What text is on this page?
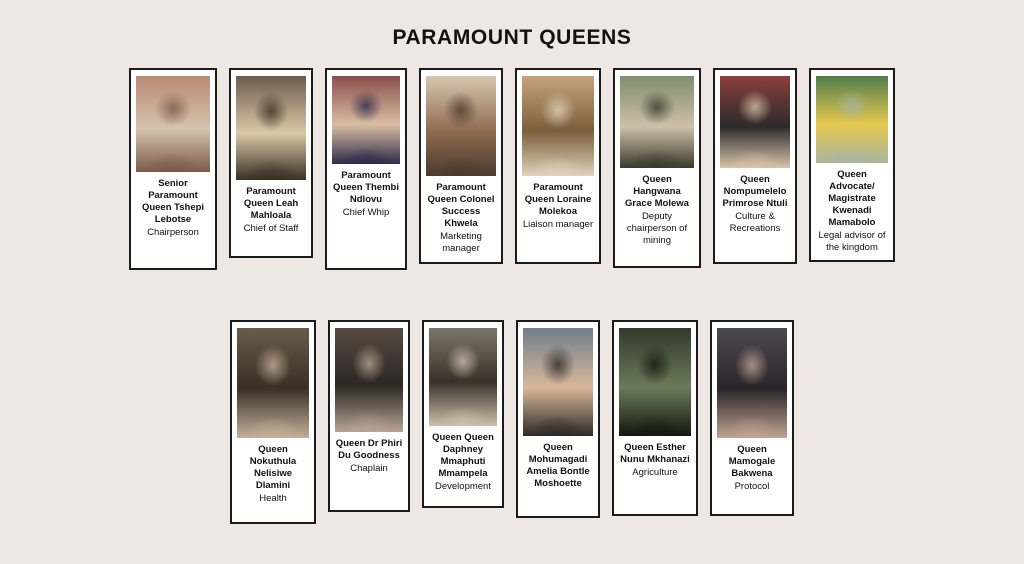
PARAMOUNT QUEENS
Senior Paramount Queen Tshepi Lebotse
Chairperson
Paramount Queen Leah Mahloala
Chief of Staff
Paramount Queen Thembi Ndlovu
Chief Whip
Paramount Queen Colonel Success Khwela
Marketing manager
Paramount Queen Loraine Molekoa
Liaison manager
Queen Hangwana Grace Molewa
Deputy chairperson of mining
Queen Nompumelelo Primrose Ntuli
Culture & Recreations
Queen Advocate/ Magistrate Kwenadi Mamabolo
Legal advisor of the kingdom
Queen Nokuthula Nelisiwe Dlamini
Health
Queen Dr Phiri Du Goodness
Chaplain
Queen Queen Daphney Mmaphuti Mmampela
Development
Queen Mohumagadi Amelia Bontle Moshoette
Queen Esther Nunu Mkhanazi
Agriculture
Queen Mamogale Bakwena
Protocol
